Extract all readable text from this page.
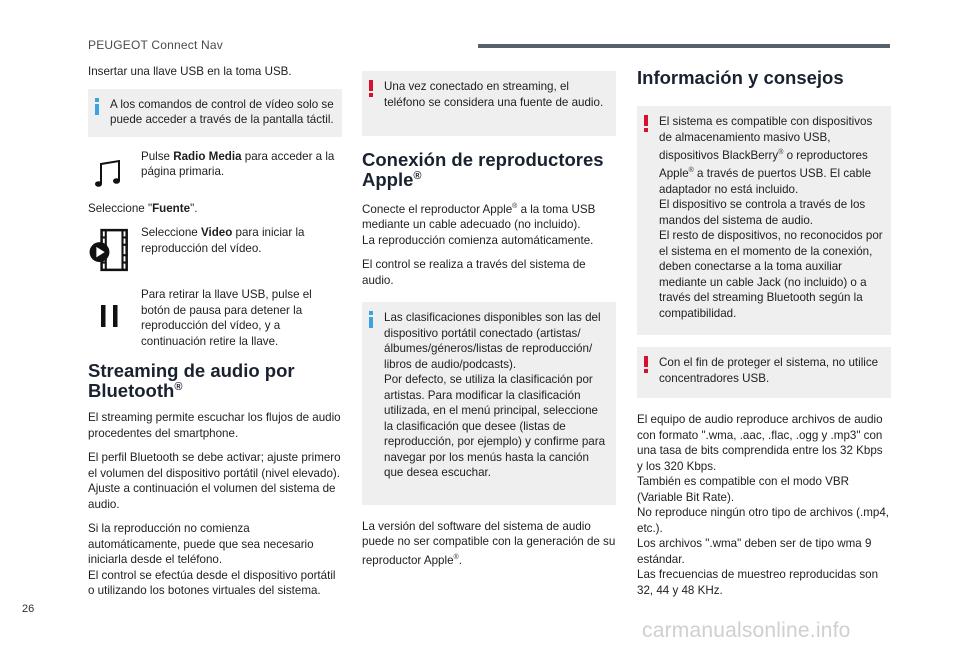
PEUGEOT Connect Nav

Insertar una llave USB en la toma USB.

A los comandos de control de vídeo solo se puede acceder a través de la pantalla táctil.

Pulse Radio Media para acceder a la página primaria.

Seleccione "Fuente".

Seleccione Video para iniciar la reproducción del vídeo.

Para retirar la llave USB, pulse el botón de pausa para detener la reproducción del vídeo, y a continuación retire la llave.

Streaming de audio por Bluetooth®

El streaming permite escuchar los flujos de audio procedentes del smartphone.

El perfil Bluetooth se debe activar; ajuste primero el volumen del dispositivo portátil (nivel elevado). Ajuste a continuación el volumen del sistema de audio.

Si la reproducción no comienza automáticamente, puede que sea necesario iniciarla desde el teléfono.
El control se efectúa desde el dispositivo portátil o utilizando los botones virtuales del sistema.

Una vez conectado en streaming, el teléfono se considera una fuente de audio.

Conexión de reproductores Apple®

Conecte el reproductor Apple® a la toma USB mediante un cable adecuado (no incluido).
La reproducción comienza automáticamente.

El control se realiza a través del sistema de audio.

Las clasificaciones disponibles son las del dispositivo portátil conectado (artistas/ álbumes/géneros/listas de reproducción/ libros de audio/podcasts).

Por defecto, se utiliza la clasificación por artistas. Para modificar la clasificación utilizada, en el menú principal, seleccione la clasificación que desee (listas de reproducción, por ejemplo) y confirme para navegar por los menús hasta la canción que desea escuchar.

La versión del software del sistema de audio puede no ser compatible con la generación de su reproductor Apple®.

Información y consejos

El sistema es compatible con dispositivos de almacenamiento masivo USB, dispositivos BlackBerry® o reproductores Apple® a través de puertos USB. El cable adaptador no está incluido.

El dispositivo se controla a través de los mandos del sistema de audio.

El resto de dispositivos, no reconocidos por el sistema en el momento de la conexión, deben conectarse a la toma auxiliar mediante un cable Jack (no incluido) o a través del streaming Bluetooth según la compatibilidad.

Con el fin de proteger el sistema, no utilice concentradores USB.

El equipo de audio reproduce archivos de audio con formato ".wma, .aac, .flac, .ogg y .mp3" con una tasa de bits comprendida entre los 32 Kbps y los 320 Kbps.
También es compatible con el modo VBR (Variable Bit Rate).
No reproduce ningún otro tipo de archivos (.mp4, etc.).
Los archivos ".wma" deben ser de tipo wma 9 estándar.
Las frecuencias de muestreo reproducidas son 32, 44 y 48 KHz.

26
carmanualsonline.info
